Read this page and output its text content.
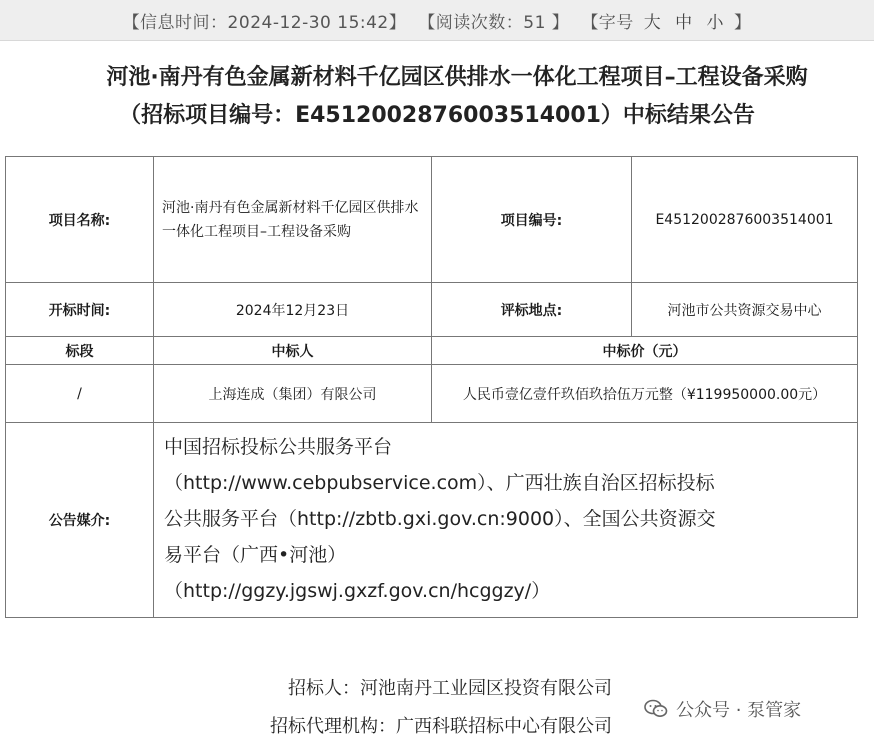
【信息时间：2024-12-30 15:42】 【阅读次数：51 】 【字号 大 中 小 】
河池·南丹有色金属新材料千亿园区供排水一体化工程项目–工程设备采购
（招标项目编号：E4512002876003514001）中标结果公告
项目名称:	河池·南丹有色金属新材料千亿园区供排水一体化工程项目–工程设备采购	项目编号:	E4512002876003514001
开标时间:	2024年12月23日	评标地点:	河池市公共资源交易中心
标段	中标人	中标价（元）	
/	上海连成（集团）有限公司	人民币壹亿壹仟玖佰玖拾伍万元整（¥119950000.00元）	
公告媒介:	中国招标投标公共服务平台
（http://www.cebpubservice.com）、广西壮族自治区招标投标
公共服务平台（http://zbtb.gxi.gov.cn:9000）、全国公共资源交
易平台（广西•河池）
（http://ggzy.jgswj.gxzf.gov.cn/hcggzy/）		
招标人：河池南丹工业园区投资有限公司
招标代理机构：广西科联招标中心有限公司
公众号 · 泵管家
